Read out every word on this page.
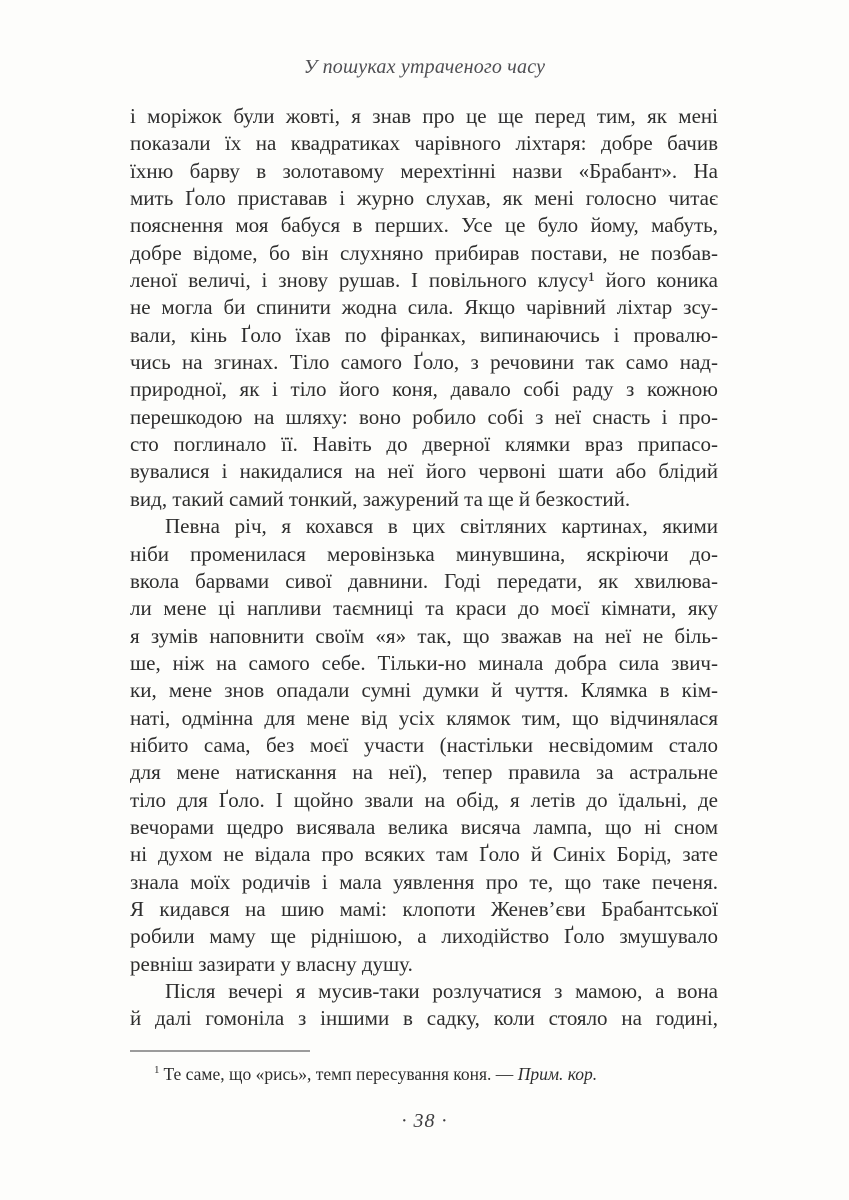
У пошуках утраченого часу
і моріжок були жовті, я знав про це ще перед тим, як мені
показали їх на квадратиках чарівного ліхтаря: добре бачив
їхню барву в золотавому мерехтінні назви «Брабант». На
мить Ґоло приставав і журно слухав, як мені голосно читає
пояснення моя бабуся в перших. Усе це було йому, мабуть,
добре відоме, бо він слухняно прибирав постави, не позбав-
леної величі, і знову рушав. І повільного клусу¹ його коника
не могла би спинити жодна сила. Якщо чарівний ліхтар зсу-
вали, кінь Ґоло їхав по фіранках, випинаючись і провалю-
чись на згинах. Тіло самого Ґоло, з речовини так само над-
природної, як і тіло його коня, давало собі раду з кожною
перешкодою на шляху: воно робило собі з неї снасть і про-
сто поглинало її. Навіть до дверної клямки враз припасо-
вувалися і накидалися на неї його червоні шати або блідий
вид, такий самий тонкий, зажурений та ще й безкостий.
Певна річ, я кохався в цих світляних картинах, якими
ніби променилася меровінзька минувшина, яскріючи до-
вкола барвами сивої давнини. Годі передати, як хвилюва-
ли мене ці напливи таємниці та краси до моєї кімнати, яку
я зумів наповнити своїм «я» так, що зважав на неї не біль-
ше, ніж на самого себе. Тільки-но минала добра сила звич-
ки, мене знов опадали сумні думки й чуття. Клямка в кім-
наті, одмінна для мене від усіх клямок тим, що відчинялася
нібито сама, без моєї участи (настільки несвідомим стало
для мене натискання на неї), тепер правила за астральне
тіло для Ґоло. І щойно звали на обід, я летів до їдальні, де
вечорами щедро висявала велика висяча лампа, що ні сном
ні духом не відала про всяких там Ґоло й Синіх Борід, зате
знала моїх родичів і мала уявлення про те, що таке печеня.
Я кидався на шию мамі: клопоти Женев’єви Брабантської
робили маму ще ріднішою, а лиходійство Ґоло змушувало
ревніш зазирати у власну душу.
Після вечері я мусив-таки розлучатися з мамою, а вона
й далі гомоніла з іншими в садку, коли стояло на годині,
$^1$ Те саме, що «рись», темп пересування коня. — Прим. кор.
· 38 ·
